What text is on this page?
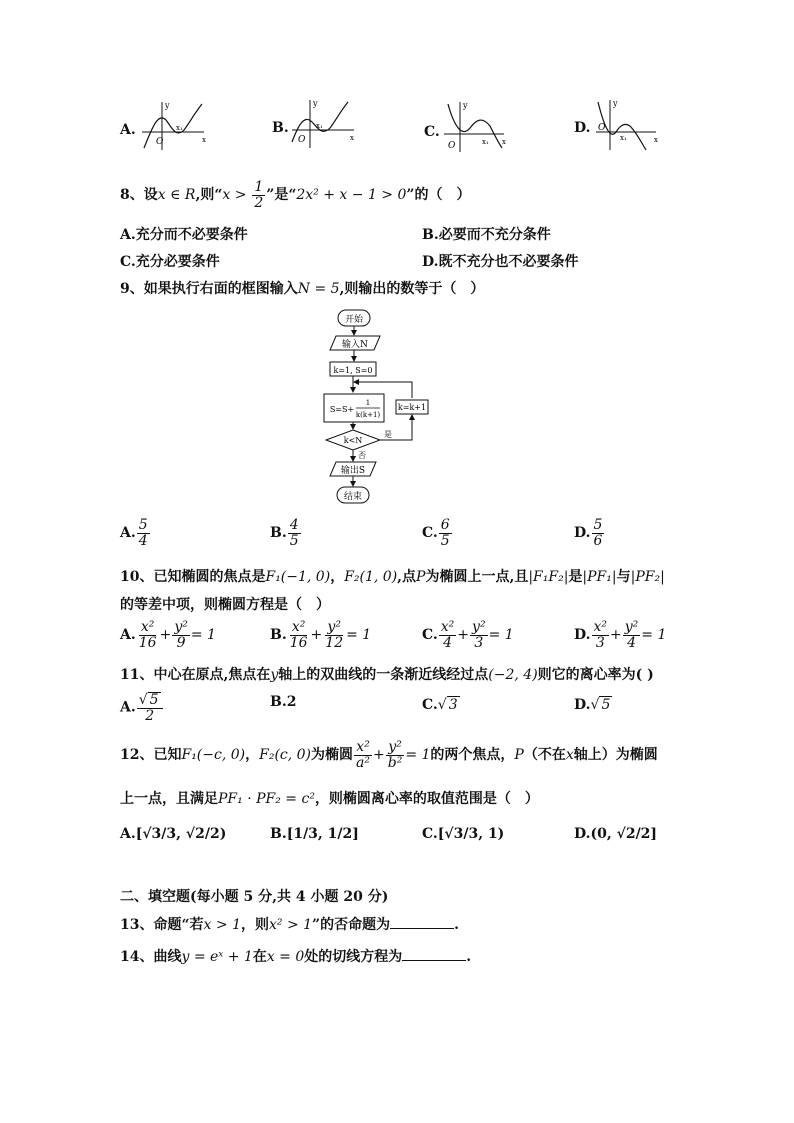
A.
y
x
O
x₁	B.
y
x
O
x₁	C.
y
x
O	x₁
D.
y
x
O
x₁
8、设x ∈ R,则“$x > \frac{1}{2}$ ”是“2x² + x − 1 > 0”的（　）
A.充分而不必要条件	B.必要而不充分条件
C.充分必要条件	D.既不充分也不必要条件
9、如果执行右面的框图输入N = 5,则输出的数等于（　）
开始
输入N
k=1, S=0
S=S+
1
k(k+1)
k=k+1
k<N
是
否
输出S
结束
A. $\frac{5}{4}$	B. $\frac{4}{5}$	C. $\frac{6}{5}$	D. $\frac{5}{6}$
10、已知椭圆的焦点是F₁(−1, 0)，F₂(1, 0),点P为椭圆上一点,且|F₁F₂|是|PF₁|与|PF₂|
的等差中项，则椭圆方程是（　）
A. $\frac{\text{x²}}{16} + \frac{\text{y²}}{9} = 1$	B. $\frac{\text{x²}}{16} + \frac{\text{y²}}{12} = 1$	C. $\frac{\text{x²}}{4} + \frac{\text{y²}}{3} = 1$	D. $\frac{\text{x²}}{3} + \frac{\text{y²}}{4} = 1$
11、中心在原点,焦点在y轴上的双曲线的一条渐近线经过点(−2, 4)则它的离心率为( )
A. $\frac{√ 5}{2}$	B.2	C.√ 3	D.√ 5
12、已知F₁(−c, 0)，F₂(c, 0)为椭圆 $\frac{\text{x²}}{\text{a²}} + \frac{\text{y²}}{\text{b²}} = 1$的两个焦点，P（不在x轴上）为椭圆
上一点，且满足PF₁ · PF₂ = c²，则椭圆离心率的取值范围是（　）
A.[√3/3, √2/2)	B.[1/3, 1/2]	C.[√3/3, 1)	D.(0, √2/2]
二、填空题(每小题 5 分,共 4 小题 20 分)
13、命题“若x > 1，则x² > 1”的否命题为	.
14、曲线y = eˣ + 1在x = 0处的切线方程为	.
